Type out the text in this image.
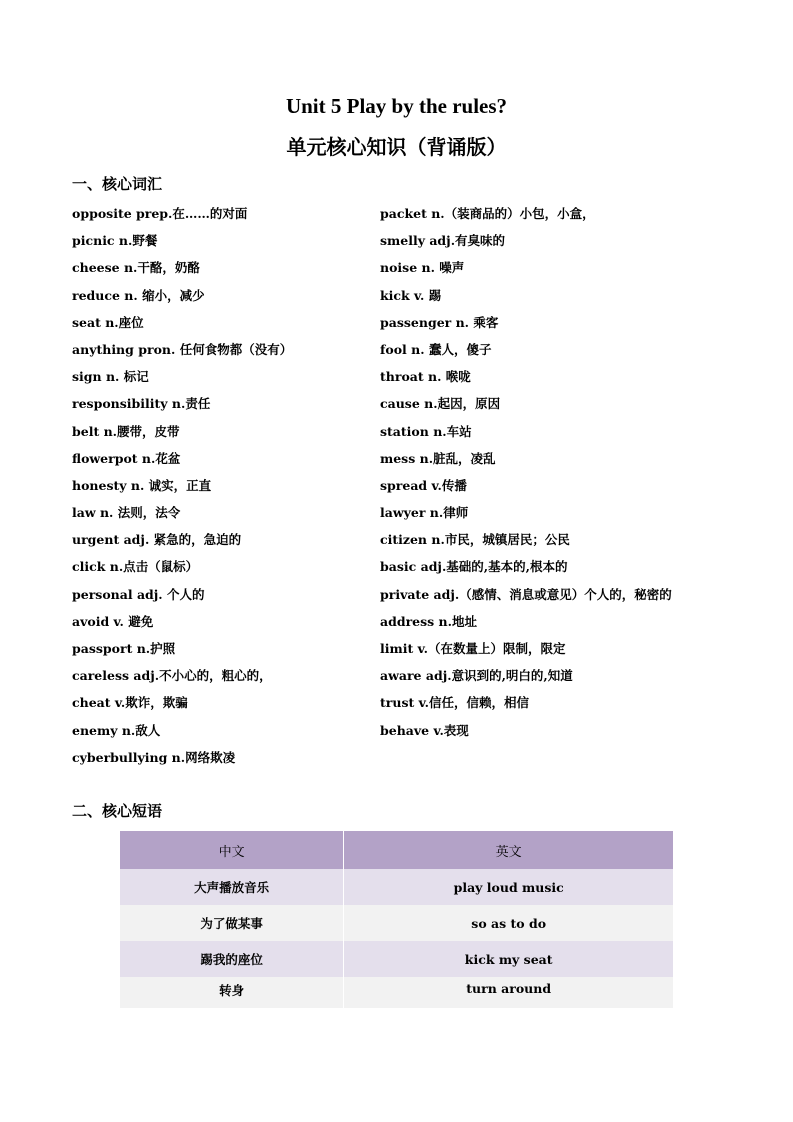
Unit 5 Play by the rules?
单元核心知识（背诵版）
一、核心词汇
opposite prep.在……的对面
picnic n.野餐
cheese n.干酪，奶酪
reduce n. 缩小，减少
seat n.座位
anything pron. 任何食物都（没有）
sign n. 标记
responsibility n.责任
belt n.腰带，皮带
flowerpot n.花盆
honesty n. 诚实，正直
law n. 法则，法令
urgent adj. 紧急的，急迫的
click n.点击（鼠标）
personal adj. 个人的
avoid v. 避免
passport n.护照
careless adj.不小心的，粗心的，
cheat v.欺诈，欺骗
enemy n.敌人
cyberbullying n.网络欺凌
packet n.（装商品的）小包，小盒，
smelly adj.有臭味的
noise n. 噪声
kick v. 踢
passenger n. 乘客
fool n. 蠢人，傻子
throat n. 喉咙
cause n.起因，原因
station n.车站
mess n.脏乱，凌乱
spread v.传播
lawyer n.律师
citizen n.市民，城镇居民；公民
basic adj.基础的,基本的,根本的
private adj.（感情、消息或意见）个人的，秘密的
address n.地址
limit v.（在数量上）限制，限定
aware adj.意识到的,明白的,知道
trust v.信任，信赖，相信
behave v.表现
二、核心短语
中文	英文
大声播放音乐	play loud music
为了做某事	so as to do
踢我的座位	kick my seat
转身	turn around
